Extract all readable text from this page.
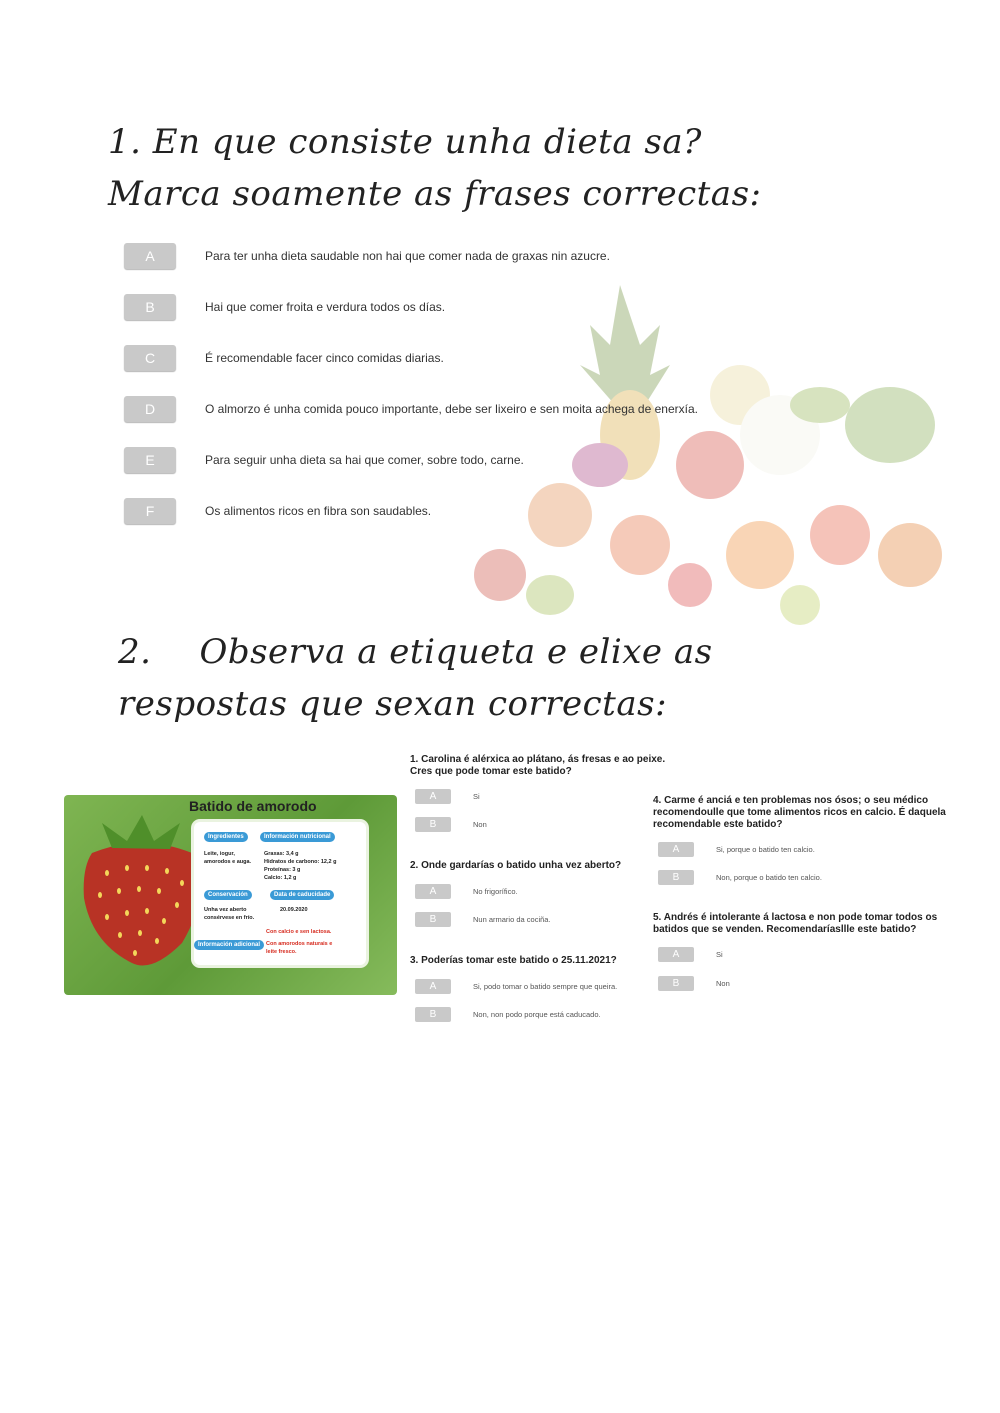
1. En que consiste unha dieta sa? Marca soamente as frases correctas:
A	Para ter unha dieta saudable non hai que comer nada de graxas nin azucre.
B	Hai que comer froita e verdura todos os días.
C	É recomendable facer cinco comidas diarias.
D	O almorzo é unha comida pouco importante, debe ser lixeiro e sen moita achega de enerxía.
E	Para seguir unha dieta sa hai que comer, sobre todo, carne.
F	Os alimentos ricos en fibra son saudables.
2. Observa a etiqueta e elixe as respostas que sexan correctas:
Batido de amorodo
Ingredientes	Información nutricional
Leite, iogur, amorodos e auga.
Graxas: 3,4 g
Hidratos de carbono: 12,2 g
Proteínas: 3 g
Calcio: 1,2 g
Conservación	Data de caducidade
Unha vez aberto consérvese en frío.
20.09.2020
Información adicional
Con calcio e sen lactosa.
Con amorodos naturais e leite fresco.

1. Carolina é alérxica ao plátano, ás fresas e ao peixe. Cres que pode tomar este batido?

A	Si
B	Non

2. Onde gardarías o batido unha vez aberto?

A	No frigorífico.
B	Nun armario da cociña.

3. Poderías tomar este batido o 25.11.2021?

A	Si, podo tomar o batido sempre que queira.
B	Non, non podo porque está caducado.

4. Carme é anciá e ten problemas nos ósos; o seu médico recomendoulle que tome alimentos ricos en calcio. É daquela recomendable este batido?

A	Si, porque o batido ten calcio.
B	Non, porque o batido ten calcio.

5. Andrés é intolerante á lactosa e non pode tomar todos os batidos que se venden. Recomendaríasllle este batido?

A	Si
B	Non
